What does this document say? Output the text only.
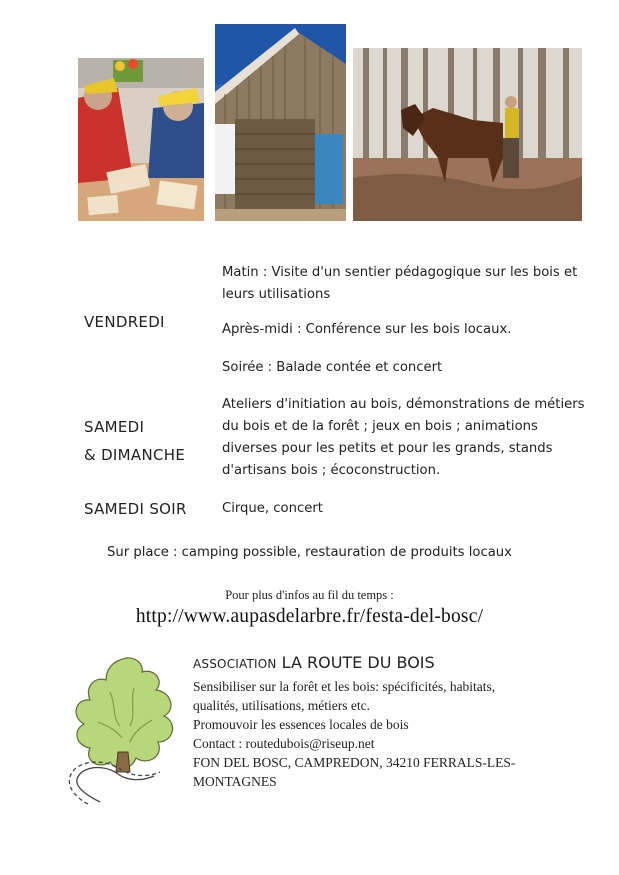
VENDREDI
Matin : Visite d'un sentier pédagogique sur les bois et
leurs utilisations
Après-midi : Conférence sur les bois locaux.
Soirée : Balade contée et concert
SAMEDI
& DIMANCHE
Ateliers d'initiation au bois, démonstrations de métiers
du bois et de la forêt ; jeux en bois ; animations
diverses pour les petits et pour les grands, stands
d'artisans bois ; écoconstruction.
SAMEDI SOIR	Cirque, concert
Sur place : camping possible, restauration de produits locaux
Pour plus d'infos au fil du temps :
http://www.aupasdelarbre.fr/festa-del-bosc/
ASSOCIATION LA ROUTE DU BOIS
Sensibiliser sur la forêt et les bois: spécificités, habitats,
qualités, utilisations, métiers etc.
Promouvoir les essences locales de bois
Contact : routedubois@riseup.net
FON DEL BOSC, CAMPREDON, 34210 FERRALS-LES-
MONTAGNES
